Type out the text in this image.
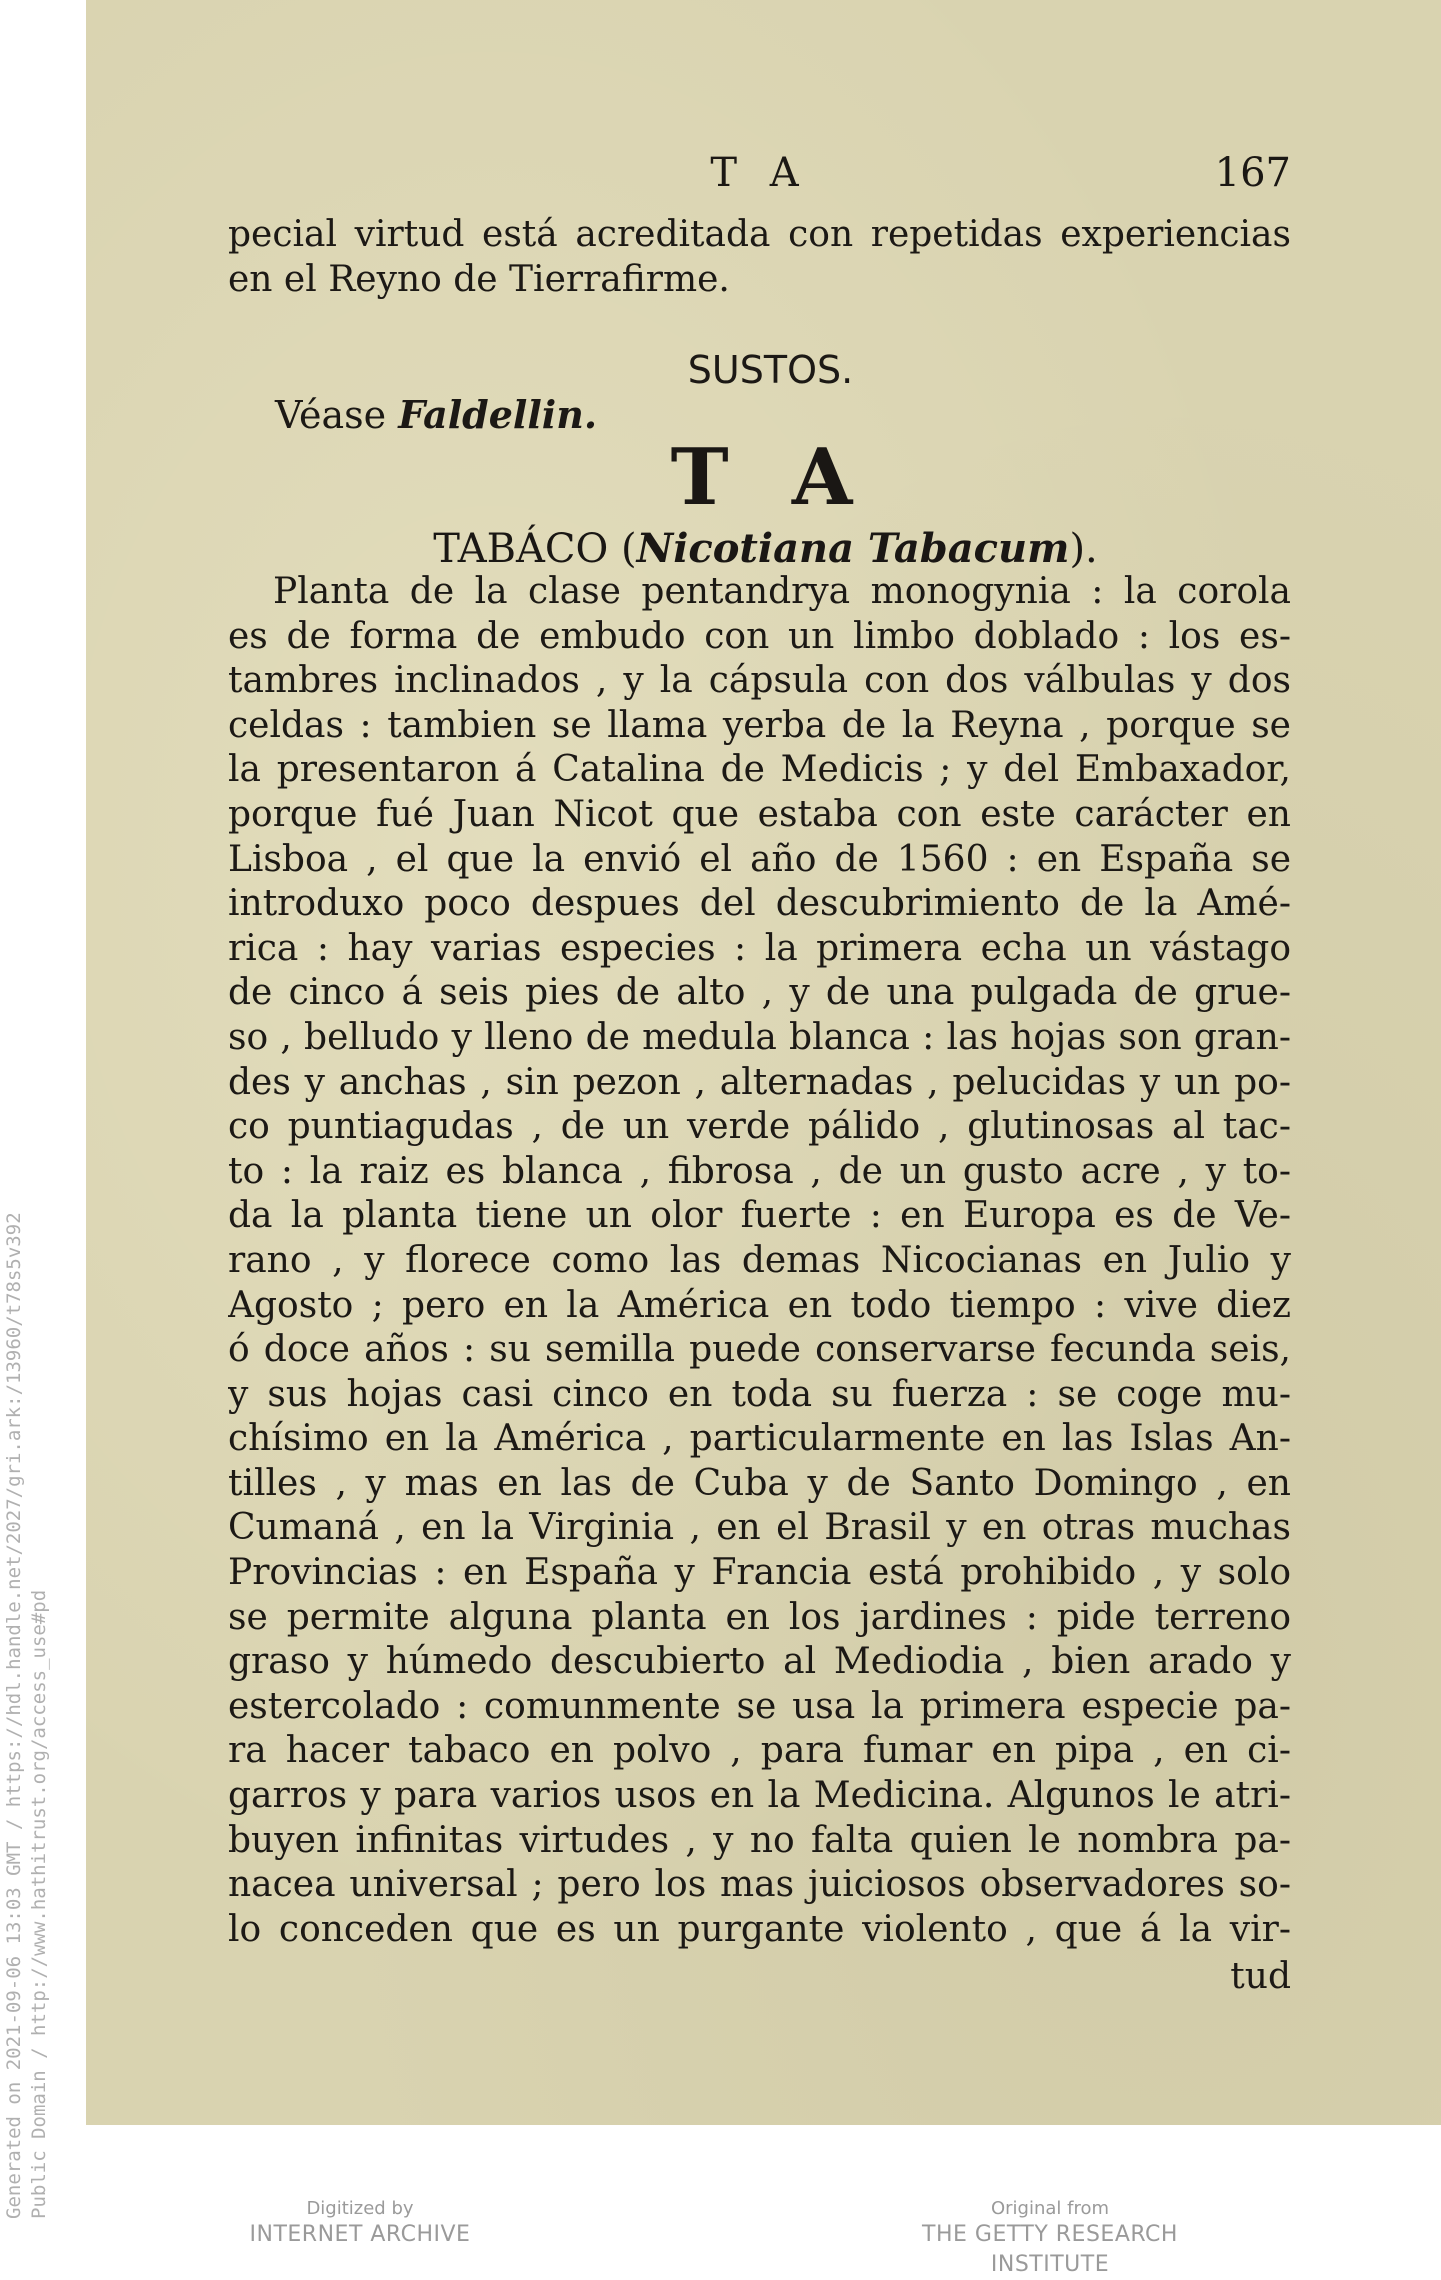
T A	167
pecial virtud está acreditada con repetidas experiencias
en el Reyno de Tierrafirme.
SUSTOS.
Véase Faldellin.
T A
TABÁCO (Nicotiana Tabacum).
Planta de la clase pentandrya monogynia : la corola
es de forma de embudo con un limbo doblado : los es-
tambres inclinados , y la cápsula con dos válbulas y dos
celdas : tambien se llama yerba de la Reyna , porque se
la presentaron á Catalina de Medicis ; y del Embaxador,
porque fué Juan Nicot que estaba con este carácter en
Lisboa , el que la envió el año de 1560 : en España se
introduxo poco despues del descubrimiento de la Amé-
rica : hay varias especies : la primera echa un vástago
de cinco á seis pies de alto , y de una pulgada de grue-
so , belludo y lleno de medula blanca : las hojas son gran-
des y anchas , sin pezon , alternadas , pelucidas y un po-
co puntiagudas , de un verde pálido , glutinosas al tac-
to : la raiz es blanca , fibrosa , de un gusto acre , y to-
da la planta tiene un olor fuerte : en Europa es de Ve-
rano , y florece como las demas Nicocianas en Julio y
Agosto ; pero en la América en todo tiempo : vive diez
ó doce años : su semilla puede conservarse fecunda seis,
y sus hojas casi cinco en toda su fuerza : se coge mu-
chísimo en la América , particularmente en las Islas An-
tilles , y mas en las de Cuba y de Santo Domingo , en
Cumaná , en la Virginia , en el Brasil y en otras muchas
Provincias : en España y Francia está prohibido , y solo
se permite alguna planta en los jardines : pide terreno
graso y húmedo descubierto al Mediodia , bien arado y
estercolado : comunmente se usa la primera especie pa-
ra hacer tabaco en polvo , para fumar en pipa , en ci-
garros y para varios usos en la Medicina. Algunos le atri-
buyen infinitas virtudes , y no falta quien le nombra pa-
nacea universal ; pero los mas juiciosos observadores so-
lo conceden que es un purgante violento , que á la vir-
tud
Generated on 2021-09-06 13:03 GMT / https://hdl.handle.net/2027/gri.ark:/13960/t78s5v392 Public Domain / http://www.hathitrust.org/access_use#pd	Digitized by
INTERNET ARCHIVE
Original from
THE GETTY RESEARCH INSTITUTE
